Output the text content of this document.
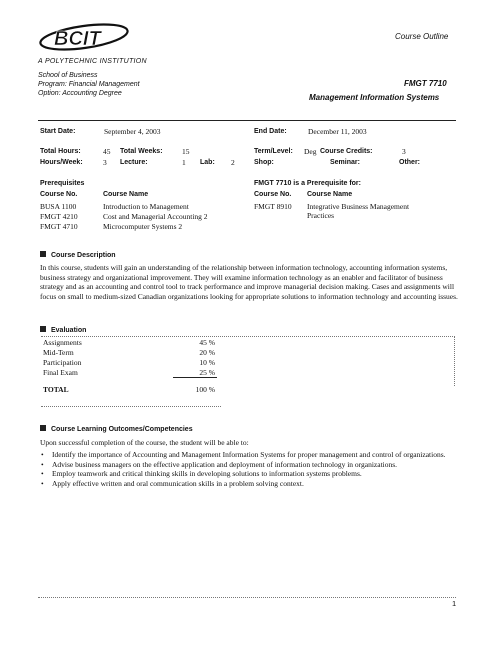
BCIT
A POLYTECHNIC INSTITUTION
Course Outline
School of Business
Program: Financial Management
Option: Accounting Degree
FMGT 7710
Management Information Systems
Start Date:	September 4, 2003	End Date:	December 11, 2003
Total Hours:	45 Total Weeks:	15	Term/Level: Deg Course Credits:	3
Hours/Week:	3 Lecture:	1 Lab: 2	Shop:	Seminar:	Other:
Prerequisites
Course No.	Course Name
BUSA 1100	Introduction to Management
FMGT 4210	Cost and Managerial Accounting 2
FMGT 4710	Microcomputer Systems 2
FMGT 7710 is a Prerequisite for:
Course No. Course Name
FMGT 8910 Integrative Business Management
Practices
Course Description
In this course, students will gain an understanding of the relationship between information technology, accounting information systems, business strategy and organizational improvement. They will examine information technology as an enabler and facilitator of business strategy and as an accounting and control tool to track performance and improve managerial decision making. Cases and assignments will focus on small to medium-sized Canadian organizations looking for appropriate solutions to information technology and accounting issues.
Evaluation
Assignments	45 %
Mid-Term	20 %
Participation	10 %
Final Exam	25 %

TOTAL	100 %
Course Learning Outcomes/Competencies
Upon successful completion of the course, the student will be able to:
• Identify the importance of Accounting and Management Information Systems for proper management and control of organizations.
• Advise business managers on the effective application and deployment of information technology in organizations.
• Employ teamwork and critical thinking skills in developing solutions to information systems problems.
• Apply effective written and oral communication skills in a problem solving context.
1
